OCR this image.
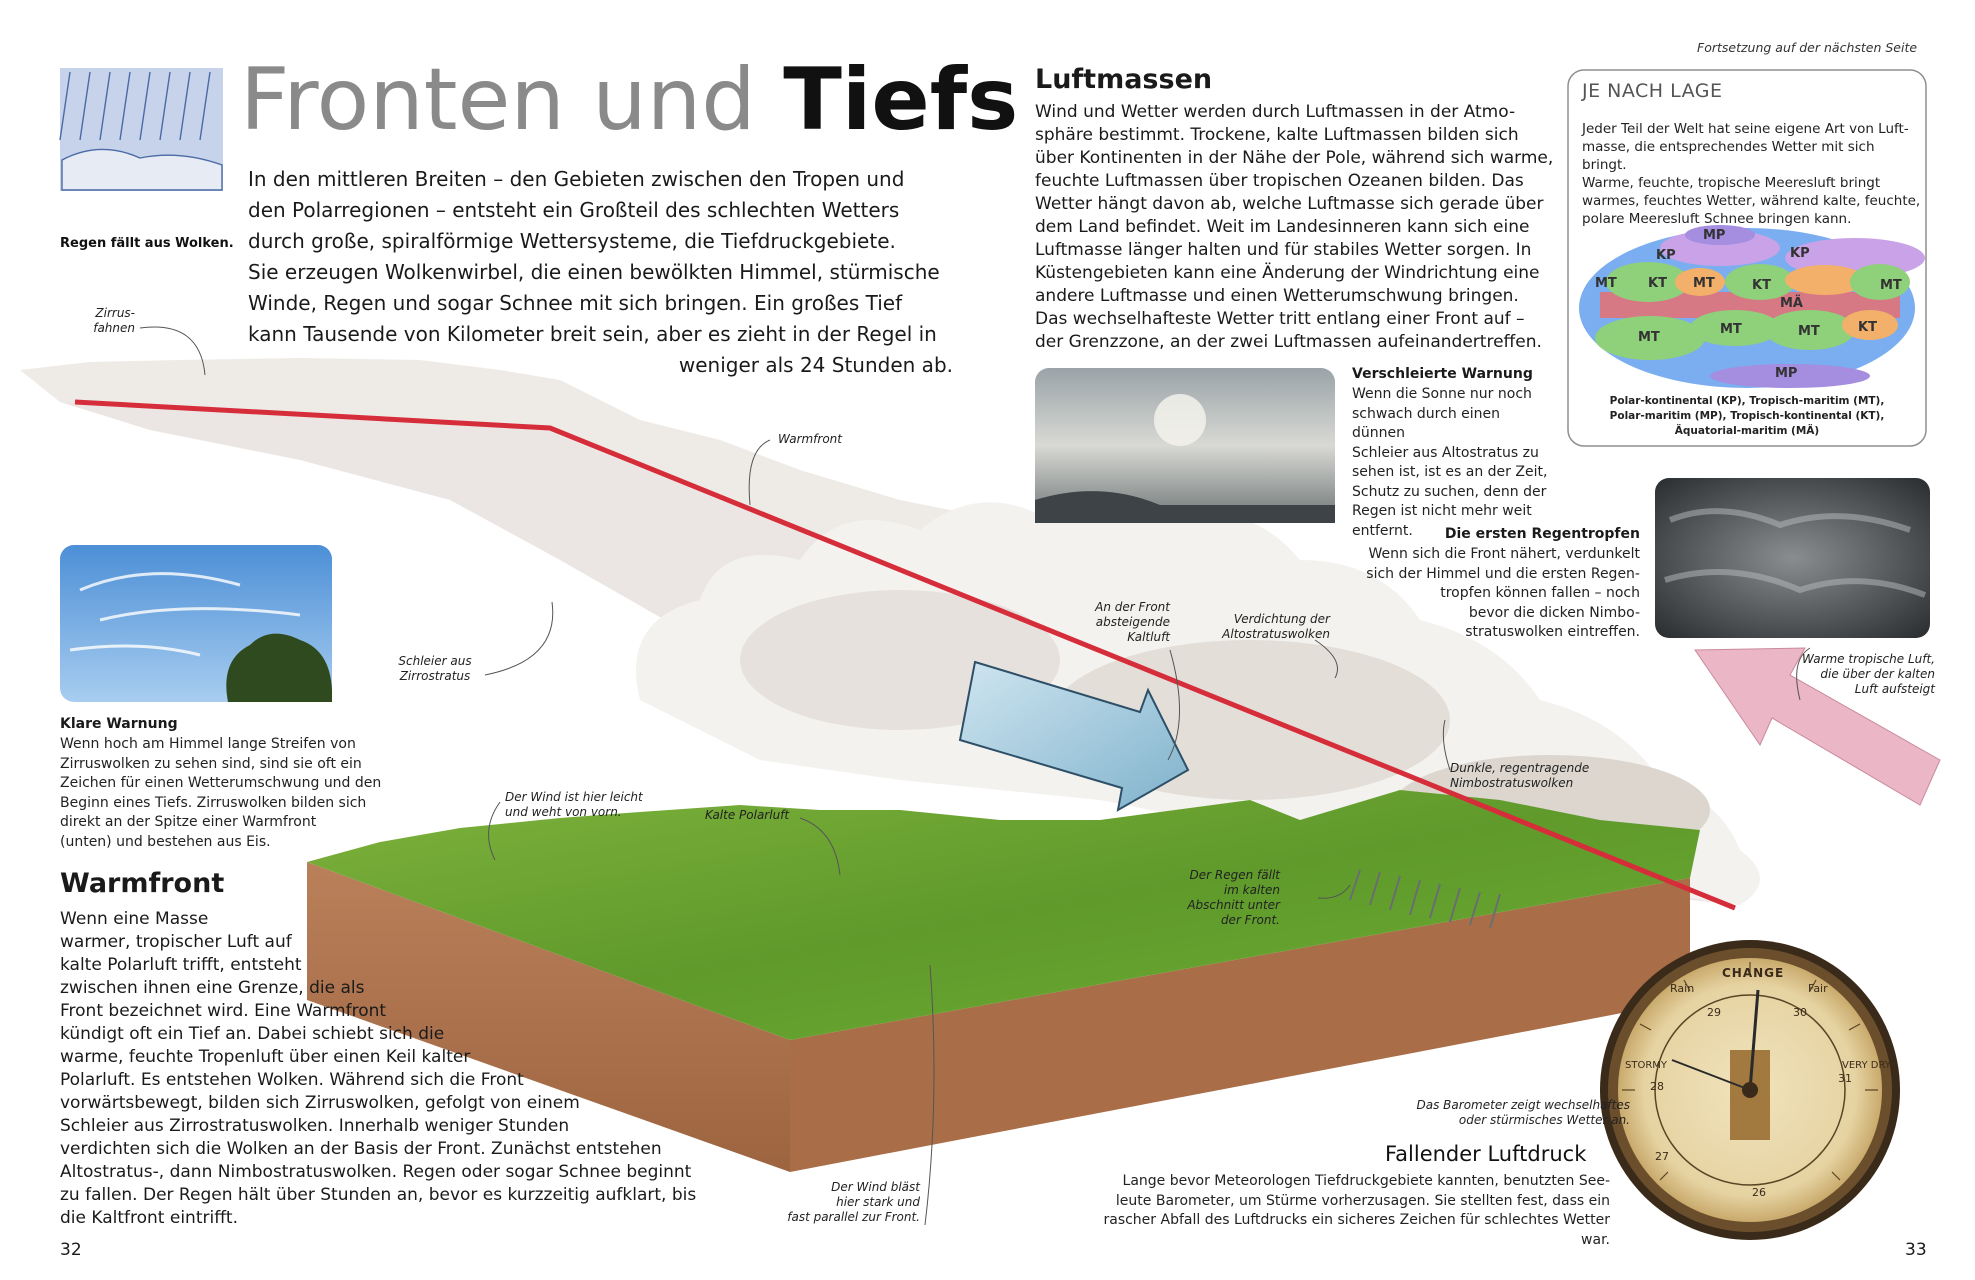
Fortsetzung auf der nächsten Seite
Regen fällt aus Wolken.
Fronten und Tiefs

In den mittleren Breiten – den Gebieten zwischen den Tropen und

den Polarregionen – entsteht ein Großteil des schlechten Wetters

durch große, spiralförmige Wettersysteme, die Tiefdruckgebiete.

Sie erzeugen Wolkenwirbel, die einen bewölkten Himmel, stürmische

Winde, Regen und sogar Schnee mit sich bringen. Ein großes Tief

kann Tausende von Kilometer breit sein, aber es zieht in der Regel in

weniger als 24 Stunden ab.

Luftmassen

Wind und Wetter werden durch Luftmassen in der Atmo-

sphäre bestimmt. Trockene, kalte Luftmassen bilden sich

über Kontinenten in der Nähe der Pole, während sich warme,

feuchte Luftmassen über tropischen Ozeanen bilden. Das

Wetter hängt davon ab, welche Luftmasse sich gerade über

dem Land befindet. Weit im Landesinneren kann sich eine

Luftmasse länger halten und für stabiles Wetter sorgen. In

Küstengebieten kann eine Änderung der Windrichtung eine

andere Luftmasse und einen Wetterumschwung bringen.

Das wechselhafteste Wetter tritt entlang einer Front auf –

der Grenzzone, an der zwei Luftmassen aufeinandertreffen.

JE NACH LAGE

Jeder Teil der Welt hat seine eigene Art von Luft-

masse, die entsprechendes Wetter mit sich bringt.

Warme, feuchte, tropische Meeresluft bringt

warmes, feuchtes Wetter, während kalte, feuchte,

polare Meeresluft Schnee bringen kann.

MP
KP	KP
MT KT MT	KT	MT
MÄ
MT
MT	MT	KT
MP

Polar-kontinental (KP), Tropisch-maritim (MT),

Polar-maritim (MP), Tropisch-kontinental (KT),

Äquatorial-maritim (MÄ)

Verschleierte Warnung

Wenn die Sonne nur noch

schwach durch einen dünnen

Schleier aus Altostratus zu

sehen ist, ist es an der Zeit,

Schutz zu suchen, denn der

Regen ist nicht mehr weit

entfernt.	Die ersten Regentropfen

Wenn sich die Front nähert, verdunkelt

sich der Himmel und die ersten Regen-

tropfen können fallen – noch

bevor die dicken Nimbo-

stratuswolken eintreffen.

Klare Warnung

Wenn hoch am Himmel lange Streifen von

Zirruswolken zu sehen sind, sind sie oft ein

Zeichen für einen Wetterumschwung und den

Beginn eines Tiefs. Zirruswolken bilden sich

direkt an der Spitze einer Warmfront

(unten) und bestehen aus Eis.

Warmfront

Wenn eine Masse

warmer, tropischer Luft auf

kalte Polarluft trifft, entsteht

zwischen ihnen eine Grenze, die als

Front bezeichnet wird. Eine Warmfront

kündigt oft ein Tief an. Dabei schiebt sich die

warme, feuchte Tropenluft über einen Keil kalter

Polarluft. Es entstehen Wolken. Während sich die Front

vorwärtsbewegt, bilden sich Zirruswolken, gefolgt von einem

Schleier aus Zirrostratuswolken. Innerhalb weniger Stunden

verdichten sich die Wolken an der Basis der Front. Zunächst entstehen

Altostratus-, dann Nimbostratuswolken. Regen oder sogar Schnee beginnt

zu fallen. Der Regen hält über Stunden an, bevor es kurzzeitig aufklart, bis

die Kaltfront eintrifft.

Fallender Luftdruck

Lange bevor Meteorologen Tiefdruckgebiete kannten, benutzten See-

leute Barometer, um Stürme vorherzusagen. Sie stellten fest, dass ein

rascher Abfall des Luftdrucks ein sicheres Zeichen für schlechtes Wetter war.

Das Barometer zeigt wechselhaftes

oder stürmisches Wetter an.

CHANGE
Rain	Fair
STORMY	VERY DRY
29	30
31
28
27
26

Zirrus-

fahnen

Warmfront

Schleier aus

Zirrostratus

An der Front

absteigende

Kaltluft

Verdichtung der

Altostratuswolken

Warme tropische Luft,

die über der kalten

Luft aufsteigt

Dunkle, regentragende

Nimbostratuswolken

Der Wind ist hier leicht

und weht von vorn.	Kalte Polarluft

Der Regen fällt

im kalten

Abschnitt unter

der Front.

Der Wind bläst

hier stark und

fast parallel zur Front.

32	33
